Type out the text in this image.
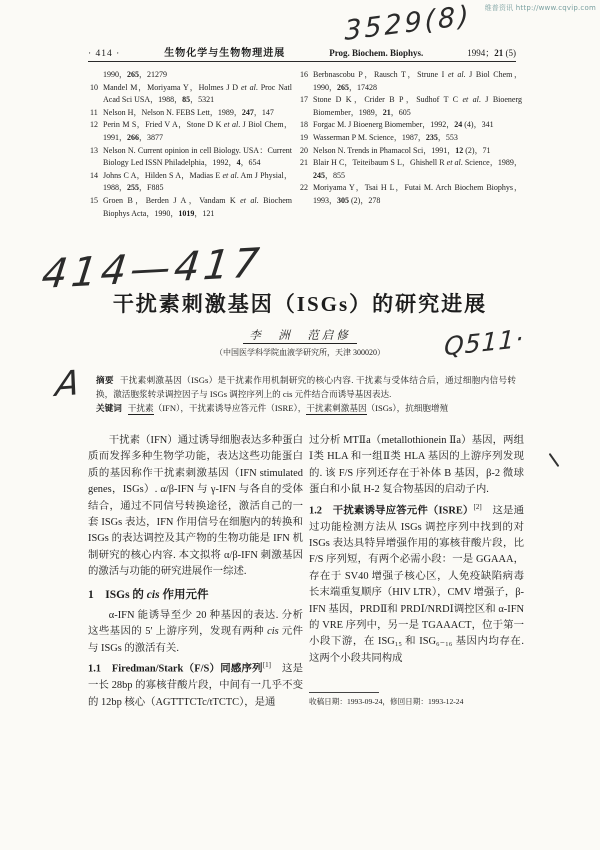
维普资讯 http://www.cqvip.com
3529(8)
· 414 ·	生物化学与生物物理进展	Prog. Biochem. Biophys.	1994；21 (5)
1990，265，21279
10 Mandel M，Moriyama Y，Holmes J D et al. Proc Natl Acad Sci USA，1988，85，5321
11 Nelson H，Nelson N. FEBS Lett，1989，247，147
12 Perin M S，Fried V A，Stone D K et al. J Biol Chem，1991，266，3877
13 Nelson N. Current opinion in cell Biology. USA：Current Biology Led ISSN Philadelphia，1992，4，654
14 Johns C A，Hilden S A，Madias E et al. Am J Physial，1988，255，F885
15 Groen B，Berden J A，Vandam K et al. Biochem Biophys Acta，1990，1019，121
16 Berbnascobu P，Rausch T，Strune I et al. J Biol Chem，1990，265，17428
17 Stone D K，Crider B P，Sudhof T C et al. J Bioenerg Biomember，1989，21，605
18 Forgac M. J Bioenerg Biomember，1992，24 (4)，341
19 Wasserman P M. Science，1987，235，553
20 Nelson N. Trends in Phamacol Sci，1991，12 (2)，71
21 Blair H C，Teiteibaum S L，Ghishell R et al. Science，1989，245，855
22 Moriyama Y，Tsai H L，Futai M. Arch Biochem Biophys，1993，305 (2)，278
414—417
干扰素刺激基因（ISGs）的研究进展
李　洲　范启修
（中国医学科学院血液学研究所，天津 300020）	Q511·
A 摘要 干扰素刺激基因（ISGs）是干扰素作用机制研究的核心内容. 干扰素与受体结合后，通过细胞内信号转换，激活胞浆转录调控因子与 ISGs 调控序列上的 cis 元件结合而诱导基因表达.
关键词 干扰素（IFN），干扰素诱导应答元件（ISRE），干扰素刺激基因（ISGs），抗细胞增殖

干扰素（IFN）通过诱导细胞表达多种蛋白质而发挥多种生物学功能，表达这些功能蛋白质的基因称作干扰素刺激基因（IFN stimulated genes，ISGs）. α/β-IFN 与 γ-IFN 与各自的受体结合，通过不同信号转换途径，激活自己的一套 ISGs 表达，IFN 作用信号在细胞内的转换和 ISGs 的表达调控及其产物的生物功能是 IFN 机制研究的核心内容. 本文拟将 α/β-IFN 刺激基因的激活与功能的研究进展作一综述.

1　ISGs 的 cis 作用元件

α-IFN 能诱导至少 20 种基因的表达. 分析这些基因的 5′ 上游序列，发现有两种 cis 元件与 ISGs 的激活有关.

1.1　Firedman/Stark（F/S）同感序列[1]　这是一长 28bp 的寡核苷酸片段，中间有一几乎不变的 12bp 核心（AGTTTCTc/tTCTC），是通

过分析 MTⅡa（metallothionein Ⅱa）基因，两组Ⅰ类 HLA 和一组Ⅱ类 HLA 基因的上游序列发现的. 该 F/S 序列还存在于补体 B 基因，β-2 微球蛋白和小鼠 H-2 复合物基因的启动子内.

1.2　干扰素诱导应答元件（ISRE）[2]　这是通过功能检测方法从 ISGs 调控序列中找到的对 ISGs 表达具特异增强作用的寡核苷酸片段，比 F/S 序列短，有两个必需小段：一是 GGAAA，存在于 SV40 增强子核心区，人免疫缺陷病毒长末端重复顺序（HIV LTR），CMV 增强子，β-IFN 基因，PRDⅡ和 PRDⅠ/NRDⅠ调控区和 α-IFN 的 VRE 序列中，另一是 TGAAACT，位于第一小段下游，在 ISG₁₅ 和 ISG₆₋₁₆ 基因内均存在. 这两个小段共同构成

收稿日期：1993-09-24，修回日期：1993-12-24
